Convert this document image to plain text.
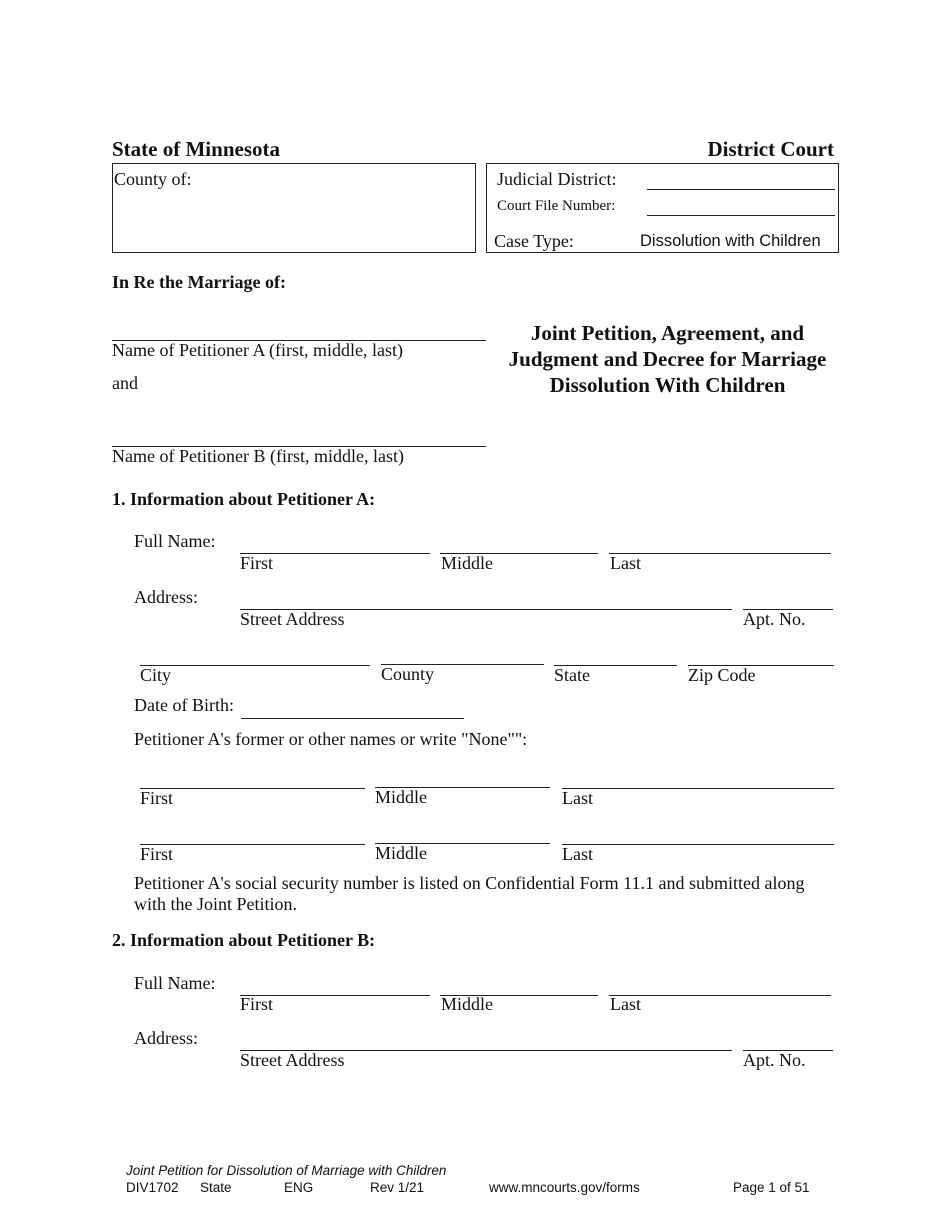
State of Minnesota	District Court
County of:	Judicial District:
Court File Number:
Case Type:	Dissolution with Children
In Re the Marriage of:
Name of Petitioner A (first, middle, last)
and
Name of Petitioner B (first, middle, last)
Joint Petition, Agreement, and
Judgment and Decree for Marriage
Dissolution With Children
1. Information about Petitioner A:
Full Name:
First	Middle	Last
Address:
Street Address	Apt. No.
City	County	State	Zip Code
Date of Birth:
Petitioner A's former or other names or write "None"":
First	Middle	Last
First	Middle	Last
Petitioner A's social security number is listed on Confidential Form 11.1 and submitted along
with the Joint Petition.
2. Information about Petitioner B:
Full Name:
First	Middle	Last
Address:
Street Address	Apt. No.
Joint Petition for Dissolution of Marriage with Children
DIV1702 State	ENG	Rev 1/21	www.mncourts.gov/forms	Page 1 of 51
